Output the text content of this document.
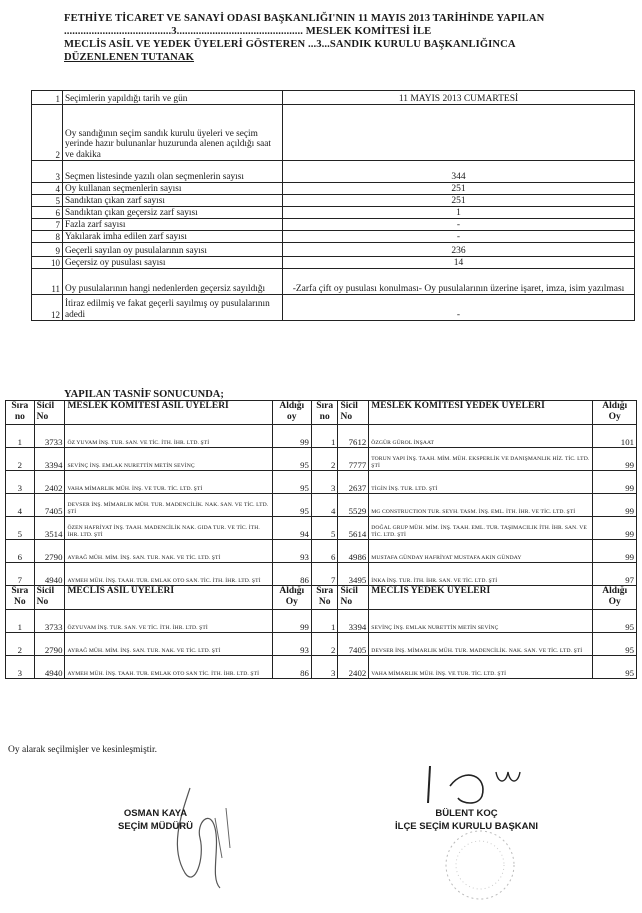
FETHİYE TİCARET VE SANAYİ ODASI BAŞKANLIĞI'NIN 11 MAYIS 2013 TARİHİNDE YAPILAN
.......................................3.............................................. MESLEK KOMİTESİ İLE
MECLİS ASİL VE YEDEK ÜYELERİ GÖSTEREN ...3...SANDIK KURULU BAŞKANLIĞINCA
DÜZENLENEN TUTANAK
1	Seçimlerin yapıldığı tarih ve gün	11 MAYIS 2013 CUMARTESİ
2	Oy sandığının seçim sandık kurulu üyeleri ve seçim yerinde hazır bulunanlar huzurunda alenen açıldığı saat ve dakika	
3	Seçmen listesinde yazılı olan seçmenlerin sayısı	344
4	Oy kullanan seçmenlerin sayısı	251
5	Sandıktan çıkan zarf sayısı	251
6	Sandıktan çıkan geçersiz zarf sayısı	1
7	Fazla zarf sayısı	-
8	Yakılarak imha edilen zarf sayısı	-
9	Geçerli sayılan oy pusulalarının sayısı	236
10	Geçersiz oy pusulası sayısı	14
11	Oy pusulalarının hangi nedenlerden geçersiz sayıldığı	-Zarfa çift oy pusulası konulması- Oy pusulalarının üzerine işaret, imza, isim yazılması
12	İtiraz edilmiş ve fakat geçerli sayılmış oy pusulalarının adedi	-
YAPILAN TASNİF SONUCUNDA;
Sıra no	Sicil No	MESLEK KOMİTESİ ASİL ÜYELERİ	Aldığı oy	Sıra no	Sicil No	MESLEK KOMİTESİ YEDEK ÜYELERİ	Aldığı Oy
1	3733	ÖZ YUVAM İNŞ. TUR. SAN. VE TİC. İTH. İHR. LTD. ŞTİ	99	1	7612	ÖZGÜR GÜROL İNŞAAT	101
2	3394	SEVİNÇ İNŞ. EMLAK NURETTİN METİN SEVİNÇ	95	2	7777	TORUN YAPI İNŞ. TAAH. MİM. MÜH. EKSPERLİK VE DANIŞMANLIK HİZ. TİC. LTD. ŞTİ	99
3	2402	VAHA MİMARLIK MÜH. İNŞ. VE TUR. TİC. LTD. ŞTİ	95	3	2637	TİGİN İNŞ. TUR. LTD. ŞTİ	99
4	7405	DEVSER İNŞ. MİMARLIK MÜH. TUR. MADENCİLİK. NAK. SAN. VE TİC. LTD. ŞTİ	95	4	5529	MG CONSTRUCTION TUR. SEYH. TASM. İNŞ. EML. İTH. İHR. VE TİC. LTD. ŞTİ	99
5	3514	ÖZEN HAFRİYAT İNŞ. TAAH. MADENCİLİK NAK. GIDA TUR. VE TİC. İTH. İHR. LTD. ŞTİ	94	5	5614	DOĞAL GRUP MÜH. MİM. İNŞ. TAAH. EML. TUR. TAŞIMACILIK İTH. İHR. SAN. VE TİC. LTD. ŞTİ	99
6	2790	AYBAĞ MÜH. MİM. İNŞ. SAN. TUR. NAK. VE TİC. LTD. ŞTİ	93	6	4986	MUSTAFA GÜNDAY HAFRİYAT MUSTAFA AKIN GÜNDAY	99
7	4940	AYMEH MÜH. İNŞ. TAAH. TUR. EMLAK OTO SAN. TİC. İTH. İHR. LTD. ŞTİ	86	7	3495	İNKA İNŞ. TUR. İTH. İHR. SAN. VE TİC. LTD. ŞTİ	97
Sıra No	Sicil No	MECLİS ASİL ÜYELERİ	Aldığı Oy	Sıra No	Sicil No	MECLİS YEDEK ÜYELERİ	Aldığı Oy
1	3733	ÖZYUVAM İNŞ. TUR. SAN. VE TİC. İTH. İHR. LTD. ŞTİ	99	1	3394	SEVİNÇ İNŞ. EMLAK NURETTİN METİN SEVİNÇ	95
2	2790	AYBAĞ MÜH. MİM. İNŞ. SAN. TUR. NAK. VE TİC. LTD. ŞTİ	93	2	7405	DEVSER İNŞ. MİMARLIK MÜH. TUR. MADENCİLİK. NAK. SAN. VE TİC. LTD. ŞTİ	95
3	4940	AYMEH MÜH. İNŞ. TAAH. TUR. EMLAK OTO SAN TİC. İTH. İHR. LTD. ŞTİ	86	3	2402	VAHA MİMARLIK MÜH. İNŞ. VE TUR. TİC. LTD. ŞTİ	95
Oy alarak seçilmişler ve kesinleşmiştir.
OSMAN KAYA
SEÇİM MÜDÜRÜ
BÜLENT KOÇ
İLÇE SEÇİM KURULU BAŞKANI
